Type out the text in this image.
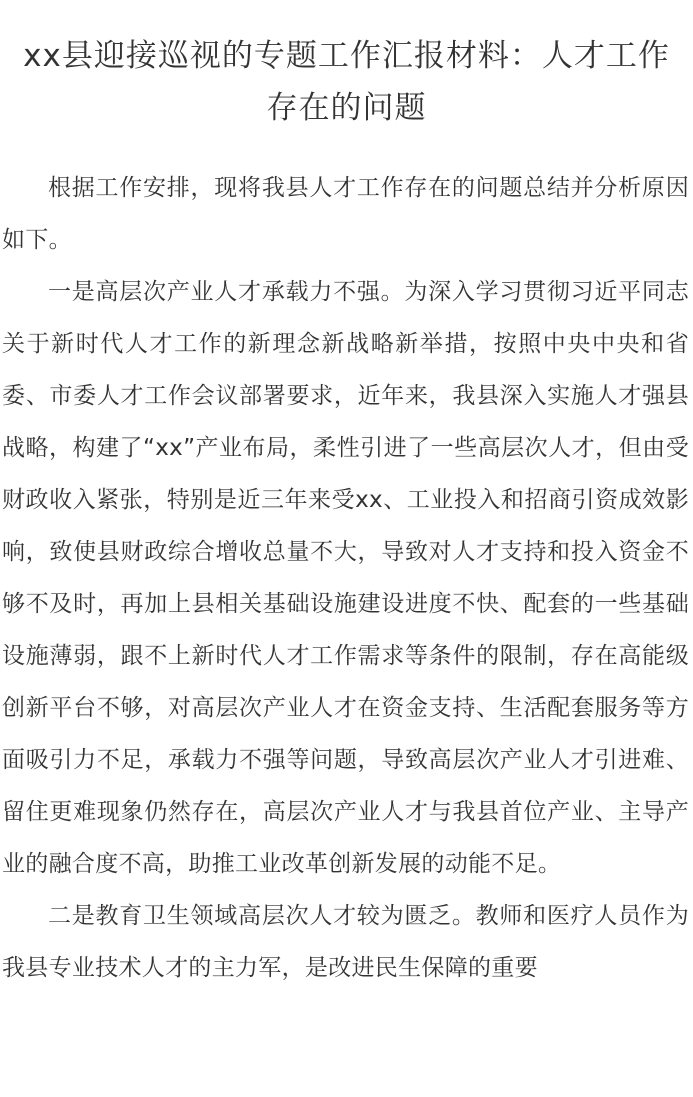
xx县迎接巡视的专题工作汇报材料：人才工作存在的问题

根据工作安排，现将我县人才工作存在的问题总结并分析原因如下。

一是高层次产业人才承载力不强。为深入学习贯彻习近平同志关于新时代人才工作的新理念新战略新举措，按照中央中央和省委、市委人才工作会议部署要求，近年来，我县深入实施人才强县战略，构建了“xx”产业布局，柔性引进了一些高层次人才，但由受财政收入紧张，特别是近三年来受xx、工业投入和招商引资成效影响，致使县财政综合增收总量不大，导致对人才支持和投入资金不够不及时，再加上县相关基础设施建设进度不快、配套的一些基础设施薄弱，跟不上新时代人才工作需求等条件的限制，存在高能级创新平台不够，对高层次产业人才在资金支持、生活配套服务等方面吸引力不足，承载力不强等问题，导致高层次产业人才引进难、留住更难现象仍然存在，高层次产业人才与我县首位产业、主导产业的融合度不高，助推工业改革创新发展的动能不足。

二是教育卫生领域高层次人才较为匮乏。教师和医疗人员作为我县专业技术人才的主力军，是改进民生保障的重要
